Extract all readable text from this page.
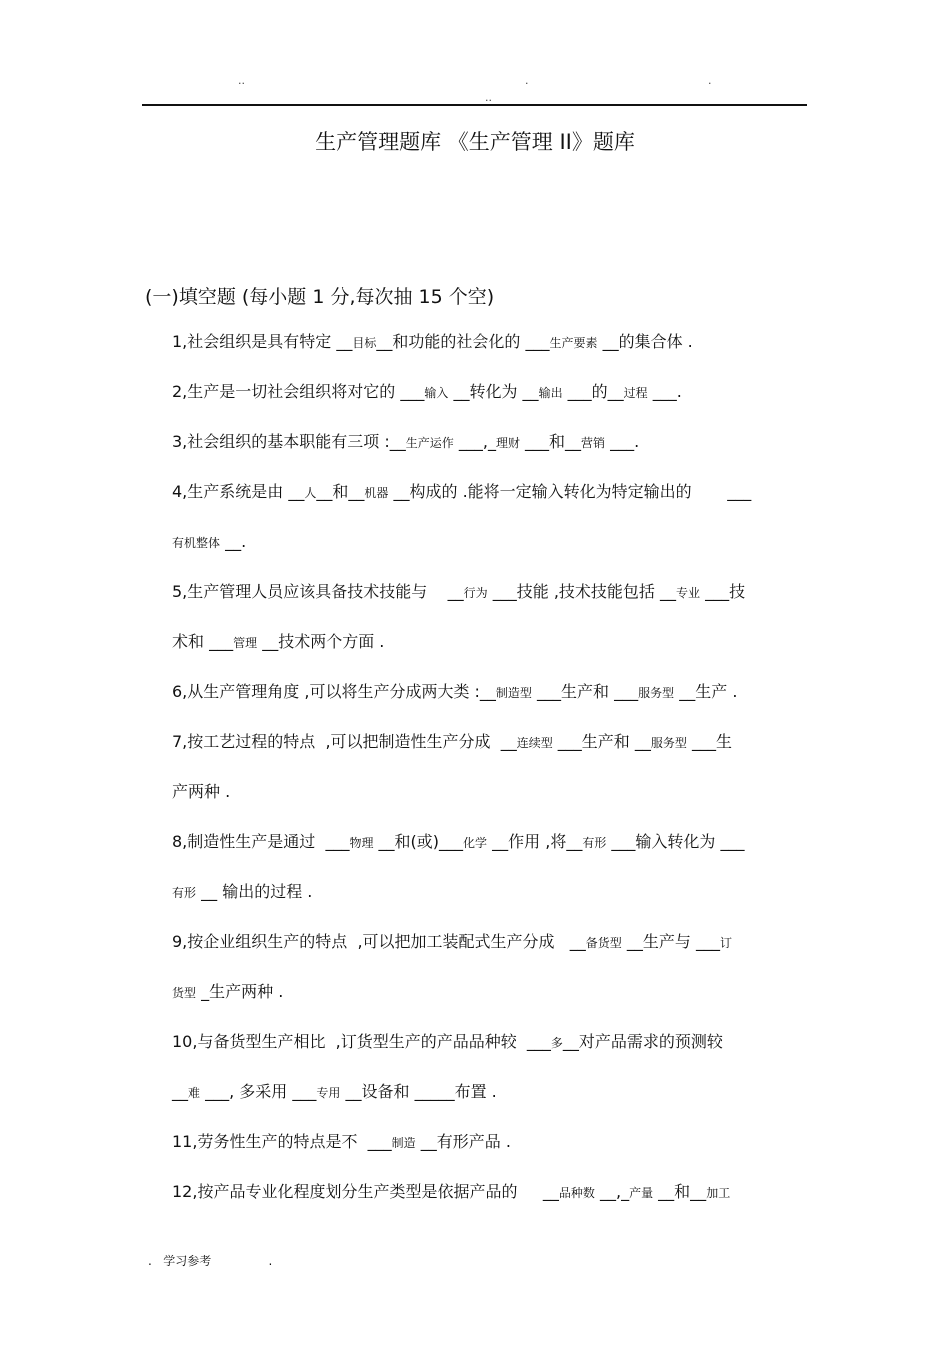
..	.	.
..
生产管理题库 《生产管理 II》题库
(一)填空题 (每小题 1 分,每次抽 15 个空)
1,社会组织是具有特定 __目标__和功能的社会化的 ___生产要素 __的集合体 .
2,生产是一切社会组织将对它的 ___输入 __转化为 __输出 ___的__过程 ___.
3,社会组织的基本职能有三项 :__生产运作 ___,_理财 ___和__营销 ___.
4,生产系统是由 __人__和__机器 __构成的 .能将一定输入转化为特定输出的       ___
有机整体 __.
5,生产管理人员应该具备技术技能与    __行为 ___技能 ,技术技能包括 __专业 ___技
术和 ___管理 __技术两个方面 .
6,从生产管理角度 ,可以将生产分成两大类 :__制造型 ___生产和 ___服务型 __生产 .
7,按工艺过程的特点  ,可以把制造性生产分成  __连续型 ___生产和 __服务型 ___生
产两种 .
8,制造性生产是通过  ___物理 __和(或)___化学 __作用 ,将__有形 ___输入转化为 ___
有形 __ 输出的过程 .
9,按企业组织生产的特点  ,可以把加工装配式生产分成   __备货型 __生产与 ___订
货型 _生产两种 .
10,与备货型生产相比  ,订货型生产的产品品种较  ___多__对产品需求的预测较
__难 ___, 多采用 ___专用 __设备和 _____布置 .
11,劳务性生产的特点是不  ___制造 __有形产品 .
12,按产品专业化程度划分生产类型是依据产品的     __品种数 __,_产量 __和__加工
.   学习参考               .
